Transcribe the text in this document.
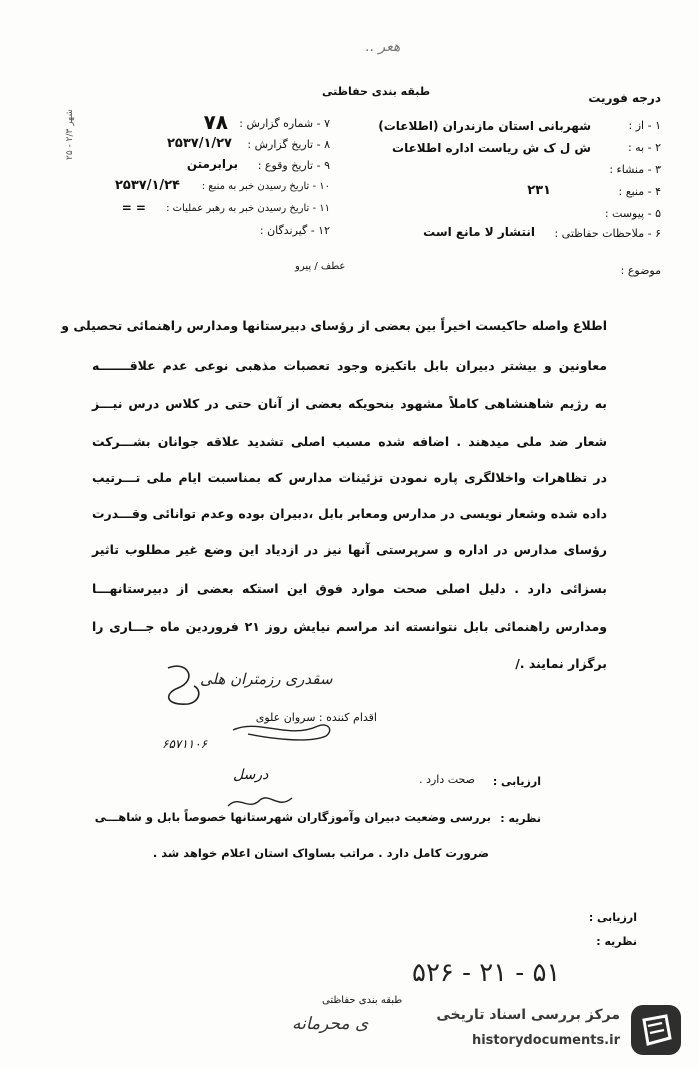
ه‍ع‍ر‍ ..
درجه فوریت
طبقه بندی حفاظتی
۱ - از :
شهربانی استان مازندران (اطلاعات)
۲ - به :
ش ل ک ش ریاست اداره اطلاعات
۳ - منشاء :
۴ - منبع :
۲۳۱
۵ - پیوست :
۶ - ملاحظات حفاظتی :
انتشار لا مانع است
۷ - شماره گزارش :
۷۸
۸ - تاریخ گزارش :
۲۵۳۷/۱/۲۷
۹ - تاریخ وقوع :
برابرمتن
۱۰ - تاریخ رسیدن خبر به منبع :
۲۵۳۷/۱/۲۴
۱۱ - تاریخ رسیدن خبر به رهبر عملیات :
= =
۱۲ - گیرندگان :
شهر ۲/۳ - ۲۵
موضوع :
عطف / پیرو
اطلاع واصله حاکیست اخیراً بین بعضی از رؤسای دبیرستانها ومدارس راهنمائی تحصیلی و
معاونین و بیشتر دبیران بابل باتکیزه وجود تعصبات مذهبی نوعی عدم علاقـــــــه
به رژیم شاهنشاهی کاملاً مشهود بنحویکه بعضی از آنان حتی در کلاس درس نیـــز
شعار ضد ملی میدهند . اضافه شده مسبب اصلی تشدید علاقه جوانان بشـــرکت
در تظاهرات واخلالگری پاره نمودن تزئینات مدارس که بمناسبت ایام ملی تـــرتیب
داده شده وشعار نویسی در مدارس ومعابر بابل ،دبیران بوده وعدم توانائی وقـــدرت
رؤسای مدارس در اداره و سرپرستی آنها نیز در ازدیاد این وضع غیر مطلوب تاثیر
بسزائی دارد . دلیل اصلی صحت موارد فوق این استکه بعضی از دبیرستانهـــا
ومدارس راهنمائی بابل نتوانسته اند مراسم نیایش روز ۲۱ فروردین ماه جـــاری را
برگزار نمایند ./
سقدری رزمتران هلی
اقدام کننده : سروان علوی
۶۵۷۱۱۰۶
ارزیابی :
صحت دارد .
درسل
نظریه :
بررسی وضعیت دبیران وآموزگاران شهرستانها خصوصاً بابل و شاهـــی
ضرورت کامل دارد . مراتب بساواک استان اعلام خواهد شد .
ارزیابی :
نظریه :
۵۲۶ - ۲۱ - ۵۱
طبقه بندی حفاظتی
ی محرمانه	مرکز بررسی اسناد تاریخی
historydocuments.ir
